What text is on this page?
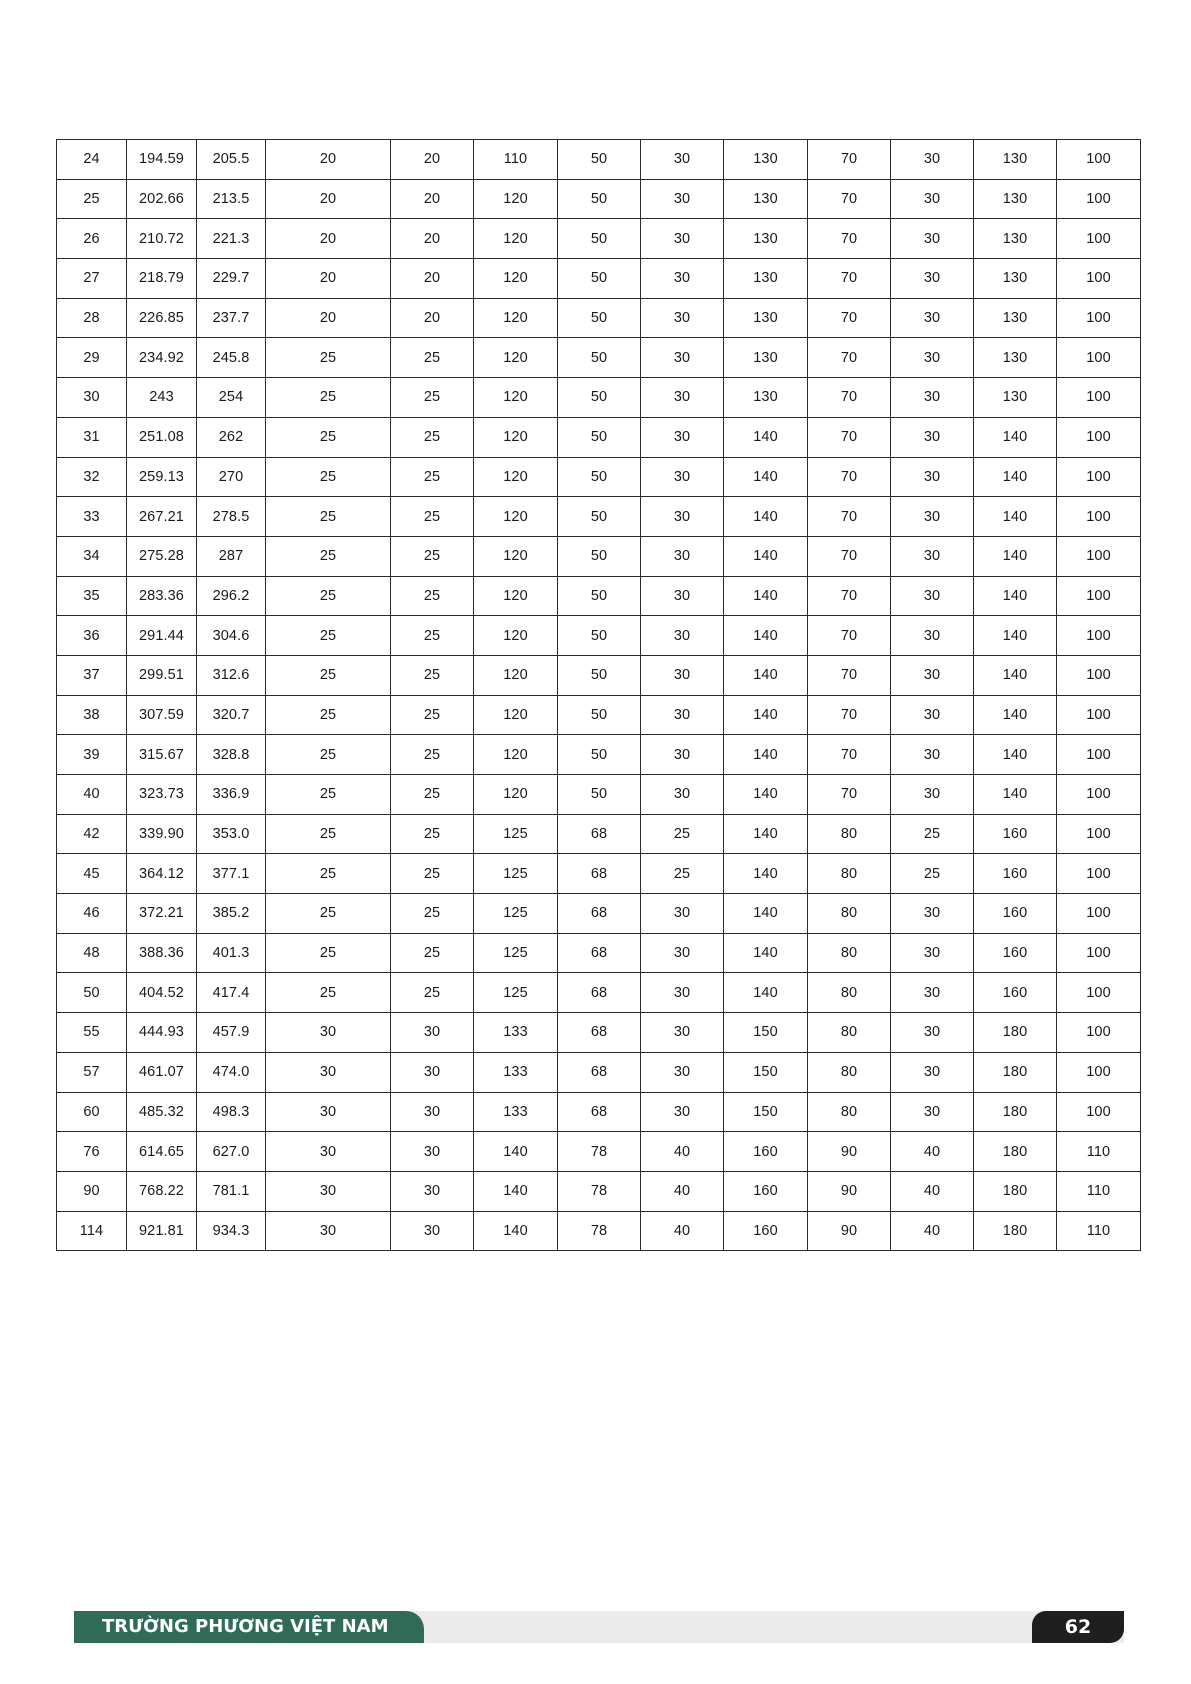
24	194.59	205.5	20	20	110	50	30	130	70	30	130	100
25	202.66	213.5	20	20	120	50	30	130	70	30	130	100
26	210.72	221.3	20	20	120	50	30	130	70	30	130	100
27	218.79	229.7	20	20	120	50	30	130	70	30	130	100
28	226.85	237.7	20	20	120	50	30	130	70	30	130	100
29	234.92	245.8	25	25	120	50	30	130	70	30	130	100
30	243	254	25	25	120	50	30	130	70	30	130	100
31	251.08	262	25	25	120	50	30	140	70	30	140	100
32	259.13	270	25	25	120	50	30	140	70	30	140	100
33	267.21	278.5	25	25	120	50	30	140	70	30	140	100
34	275.28	287	25	25	120	50	30	140	70	30	140	100
35	283.36	296.2	25	25	120	50	30	140	70	30	140	100
36	291.44	304.6	25	25	120	50	30	140	70	30	140	100
37	299.51	312.6	25	25	120	50	30	140	70	30	140	100
38	307.59	320.7	25	25	120	50	30	140	70	30	140	100
39	315.67	328.8	25	25	120	50	30	140	70	30	140	100
40	323.73	336.9	25	25	120	50	30	140	70	30	140	100
42	339.90	353.0	25	25	125	68	25	140	80	25	160	100
45	364.12	377.1	25	25	125	68	25	140	80	25	160	100
46	372.21	385.2	25	25	125	68	30	140	80	30	160	100
48	388.36	401.3	25	25	125	68	30	140	80	30	160	100
50	404.52	417.4	25	25	125	68	30	140	80	30	160	100
55	444.93	457.9	30	30	133	68	30	150	80	30	180	100
57	461.07	474.0	30	30	133	68	30	150	80	30	180	100
60	485.32	498.3	30	30	133	68	30	150	80	30	180	100
76	614.65	627.0	30	30	140	78	40	160	90	40	180	110
90	768.22	781.1	30	30	140	78	40	160	90	40	180	110
114	921.81	934.3	30	30	140	78	40	160	90	40	180	110
TRƯỜNG PHƯƠNG VIỆT NAM	62
